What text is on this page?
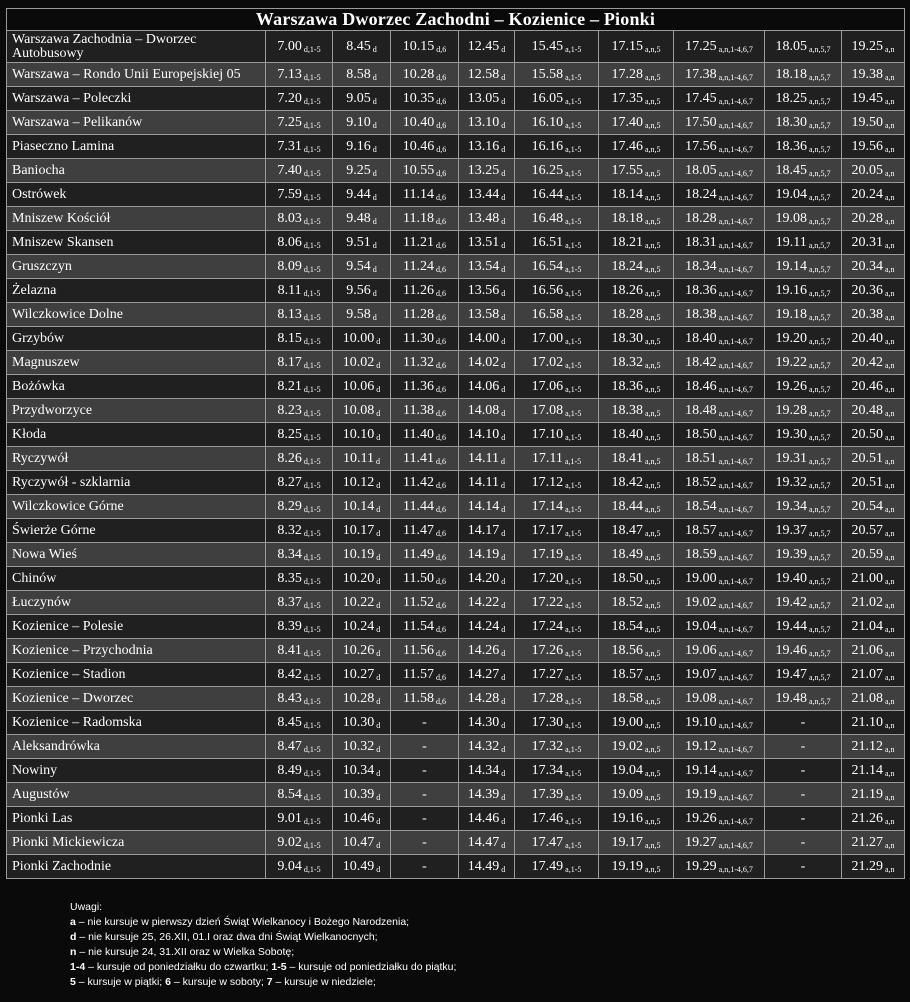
Warszawa Dworzec Zachodni – Kozienice – Pionki									
Warszawa Zachodnia – Dworzec Autobusowy	7.00 d,1-5	8.45 d	10.15 d,6	12.45 d	15.45 a,1-5	17.15 a,n,5	17.25 a,n,1-4,6,7	18.05 a,n,5,7	19.25 a,n
Warszawa – Rondo Unii Europejskiej 05	7.13 d,1-5	8.58 d	10.28 d,6	12.58 d	15.58 a,1-5	17.28 a,n,5	17.38 a,n,1-4,6,7	18.18 a,n,5,7	19.38 a,n
Warszawa – Poleczki	7.20 d,1-5	9.05 d	10.35 d,6	13.05 d	16.05 a,1-5	17.35 a,n,5	17.45 a,n,1-4,6,7	18.25 a,n,5,7	19.45 a,n
Warszawa – Pelikanów	7.25 d,1-5	9.10 d	10.40 d,6	13.10 d	16.10 a,1-5	17.40 a,n,5	17.50 a,n,1-4,6,7	18.30 a,n,5,7	19.50 a,n
Piaseczno Lamina	7.31 d,1-5	9.16 d	10.46 d,6	13.16 d	16.16 a,1-5	17.46 a,n,5	17.56 a,n,1-4,6,7	18.36 a,n,5,7	19.56 a,n
Baniocha	7.40 d,1-5	9.25 d	10.55 d,6	13.25 d	16.25 a,1-5	17.55 a,n,5	18.05 a,n,1-4,6,7	18.45 a,n,5,7	20.05 a,n
Ostrówek	7.59 d,1-5	9.44 d	11.14 d,6	13.44 d	16.44 a,1-5	18.14 a,n,5	18.24 a,n,1-4,6,7	19.04 a,n,5,7	20.24 a,n
Mniszew Kościół	8.03 d,1-5	9.48 d	11.18 d,6	13.48 d	16.48 a,1-5	18.18 a,n,5	18.28 a,n,1-4,6,7	19.08 a,n,5,7	20.28 a,n
Mniszew Skansen	8.06 d,1-5	9.51 d	11.21 d,6	13.51 d	16.51 a,1-5	18.21 a,n,5	18.31 a,n,1-4,6,7	19.11 a,n,5,7	20.31 a,n
Gruszczyn	8.09 d,1-5	9.54 d	11.24 d,6	13.54 d	16.54 a,1-5	18.24 a,n,5	18.34 a,n,1-4,6,7	19.14 a,n,5,7	20.34 a,n
Żelazna	8.11 d,1-5	9.56 d	11.26 d,6	13.56 d	16.56 a,1-5	18.26 a,n,5	18.36 a,n,1-4,6,7	19.16 a,n,5,7	20.36 a,n
Wilczkowice Dolne	8.13 d,1-5	9.58 d	11.28 d,6	13.58 d	16.58 a,1-5	18.28 a,n,5	18.38 a,n,1-4,6,7	19.18 a,n,5,7	20.38 a,n
Grzybów	8.15 d,1-5	10.00 d	11.30 d,6	14.00 d	17.00 a,1-5	18.30 a,n,5	18.40 a,n,1-4,6,7	19.20 a,n,5,7	20.40 a,n
Magnuszew	8.17 d,1-5	10.02 d	11.32 d,6	14.02 d	17.02 a,1-5	18.32 a,n,5	18.42 a,n,1-4,6,7	19.22 a,n,5,7	20.42 a,n
Bożówka	8.21 d,1-5	10.06 d	11.36 d,6	14.06 d	17.06 a,1-5	18.36 a,n,5	18.46 a,n,1-4,6,7	19.26 a,n,5,7	20.46 a,n
Przydworzyce	8.23 d,1-5	10.08 d	11.38 d,6	14.08 d	17.08 a,1-5	18.38 a,n,5	18.48 a,n,1-4,6,7	19.28 a,n,5,7	20.48 a,n
Kłoda	8.25 d,1-5	10.10 d	11.40 d,6	14.10 d	17.10 a,1-5	18.40 a,n,5	18.50 a,n,1-4,6,7	19.30 a,n,5,7	20.50 a,n
Ryczywół	8.26 d,1-5	10.11 d	11.41 d,6	14.11 d	17.11 a,1-5	18.41 a,n,5	18.51 a,n,1-4,6,7	19.31 a,n,5,7	20.51 a,n
Ryczywół - szklarnia	8.27 d,1-5	10.12 d	11.42 d,6	14.11 d	17.12 a,1-5	18.42 a,n,5	18.52 a,n,1-4,6,7	19.32 a,n,5,7	20.51 a,n
Wilczkowice Górne	8.29 d,1-5	10.14 d	11.44 d,6	14.14 d	17.14 a,1-5	18.44 a,n,5	18.54 a,n,1-4,6,7	19.34 a,n,5,7	20.54 a,n
Świerże Górne	8.32 d,1-5	10.17 d	11.47 d,6	14.17 d	17.17 a,1-5	18.47 a,n,5	18.57 a,n,1-4,6,7	19.37 a,n,5,7	20.57 a,n
Nowa Wieś	8.34 d,1-5	10.19 d	11.49 d,6	14.19 d	17.19 a,1-5	18.49 a,n,5	18.59 a,n,1-4,6,7	19.39 a,n,5,7	20.59 a,n
Chinów	8.35 d,1-5	10.20 d	11.50 d,6	14.20 d	17.20 a,1-5	18.50 a,n,5	19.00 a,n,1-4,6,7	19.40 a,n,5,7	21.00 a,n
Łuczynów	8.37 d,1-5	10.22 d	11.52 d,6	14.22 d	17.22 a,1-5	18.52 a,n,5	19.02 a,n,1-4,6,7	19.42 a,n,5,7	21.02 a,n
Kozienice – Polesie	8.39 d,1-5	10.24 d	11.54 d,6	14.24 d	17.24 a,1-5	18.54 a,n,5	19.04 a,n,1-4,6,7	19.44 a,n,5,7	21.04 a,n
Kozienice – Przychodnia	8.41 d,1-5	10.26 d	11.56 d,6	14.26 d	17.26 a,1-5	18.56 a,n,5	19.06 a,n,1-4,6,7	19.46 a,n,5,7	21.06 a,n
Kozienice – Stadion	8.42 d,1-5	10.27 d	11.57 d,6	14.27 d	17.27 a,1-5	18.57 a,n,5	19.07 a,n,1-4,6,7	19.47 a,n,5,7	21.07 a,n
Kozienice – Dworzec	8.43 d,1-5	10.28 d	11.58 d,6	14.28 d	17.28 a,1-5	18.58 a,n,5	19.08 a,n,1-4,6,7	19.48 a,n,5,7	21.08 a,n
Kozienice – Radomska	8.45 d,1-5	10.30 d	-	14.30 d	17.30 a,1-5	19.00 a,n,5	19.10 a,n,1-4,6,7	-	21.10 a,n
Aleksandrówka	8.47 d,1-5	10.32 d	-	14.32 d	17.32 a,1-5	19.02 a,n,5	19.12 a,n,1-4,6,7	-	21.12 a,n
Nowiny	8.49 d,1-5	10.34 d	-	14.34 d	17.34 a,1-5	19.04 a,n,5	19.14 a,n,1-4,6,7	-	21.14 a,n
Augustów	8.54 d,1-5	10.39 d	-	14.39 d	17.39 a,1-5	19.09 a,n,5	19.19 a,n,1-4,6,7	-	21.19 a,n
Pionki Las	9.01 d,1-5	10.46 d	-	14.46 d	17.46 a,1-5	19.16 a,n,5	19.26 a,n,1-4,6,7	-	21.26 a,n
Pionki Mickiewicza	9.02 d,1-5	10.47 d	-	14.47 d	17.47 a,1-5	19.17 a,n,5	19.27 a,n,1-4,6,7	-	21.27 a,n
Pionki Zachodnie	9.04 d,1-5	10.49 d	-	14.49 d	17.49 a,1-5	19.19 a,n,5	19.29 a,n,1-4,6,7	-	21.29 a,n
Uwagi:
a – nie kursuje w pierwszy dzień Świąt Wielkanocy i Bożego Narodzenia;
d – nie kursuje 25, 26.XII, 01.I oraz dwa dni Świąt Wielkanocnych;
n – nie kursuje 24, 31.XII oraz w Wielka Sobotę;
1-4 – kursuje od poniedziałku do czwartku; 1-5 – kursuje od poniedziałku do piątku;
5 – kursuje w piątki; 6 – kursuje w soboty; 7 – kursuje w niedziele;
